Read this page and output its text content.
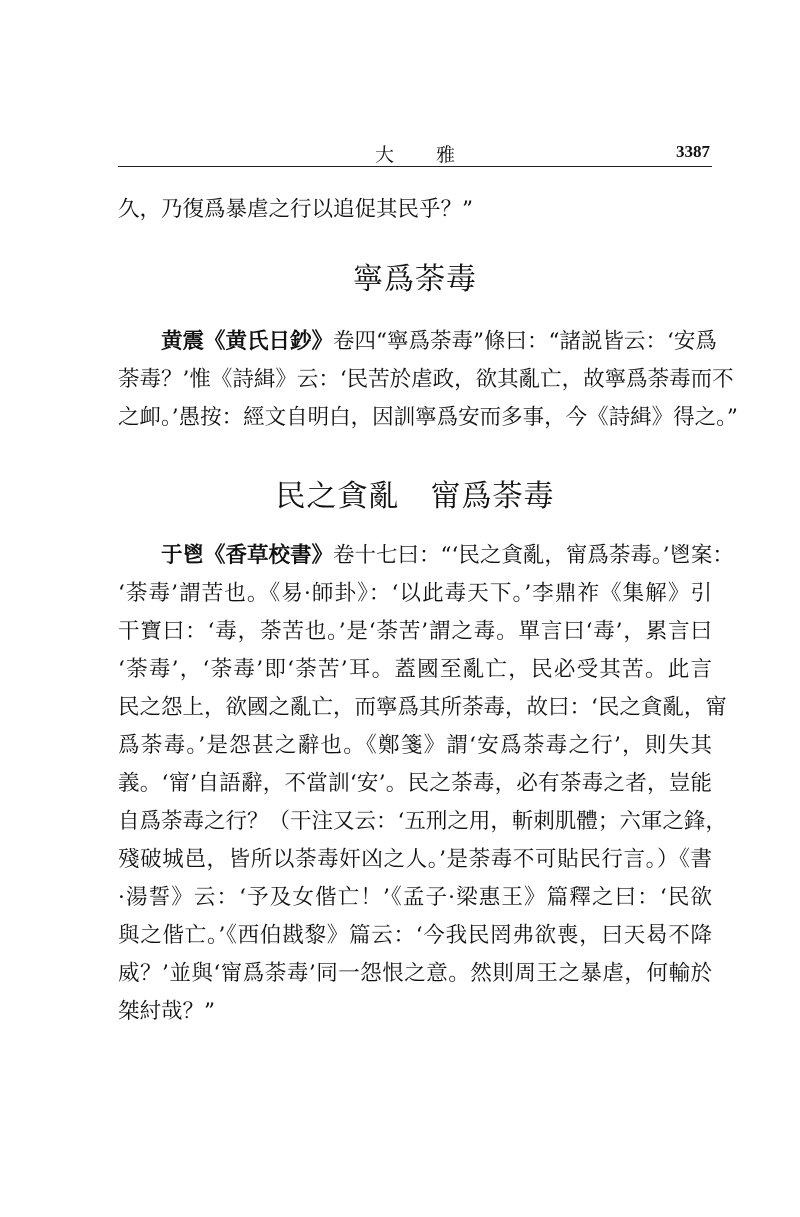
大雅	3387
久，乃復爲暴虐之行以追促其民乎？”
寧爲荼毒
黄震《黄氏日鈔》卷四“寧爲荼毒”條曰：“諸説皆云：‘安爲
荼毒？’惟《詩緝》云：‘民苦於虐政，欲其亂亡，故寧爲荼毒而不
之卹。’愚按：經文自明白，因訓寧爲安而多事，今《詩緝》得之。”
民之貪亂　甯爲荼毒
于鬯《香草校書》卷十七曰：“‘民之貪亂，甯爲荼毒。’鬯案：
‘荼毒’謂苦也。《易·師卦》：‘以此毒天下。’李鼎祚《集解》引
干寶曰：‘毒，荼苦也。’是‘荼苦’謂之毒。單言曰‘毒’，累言曰
‘荼毒’，‘荼毒’即‘荼苦’耳。蓋國至亂亡，民必受其苦。此言
民之怨上，欲國之亂亡，而寧爲其所荼毒，故曰：‘民之貪亂，甯
爲荼毒。’是怨甚之辭也。《鄭箋》謂‘安爲荼毒之行’，則失其
義。‘甯’自語辭，不當訓‘安’。民之荼毒，必有荼毒之者，豈能
自爲荼毒之行？（干注又云：‘五刑之用，斬刺肌體；六軍之鋒，
殘破城邑，皆所以荼毒奸凶之人。’是荼毒不可貼民行言。）《書
·湯誓》云：‘予及女偕亡！’《孟子·梁惠王》篇釋之曰：‘民欲
與之偕亡。’《西伯戡黎》篇云：‘今我民罔弗欲喪，曰天曷不降
威？’並與‘甯爲荼毒’同一怨恨之意。然則周王之暴虐，何輸於
桀紂哉？”
